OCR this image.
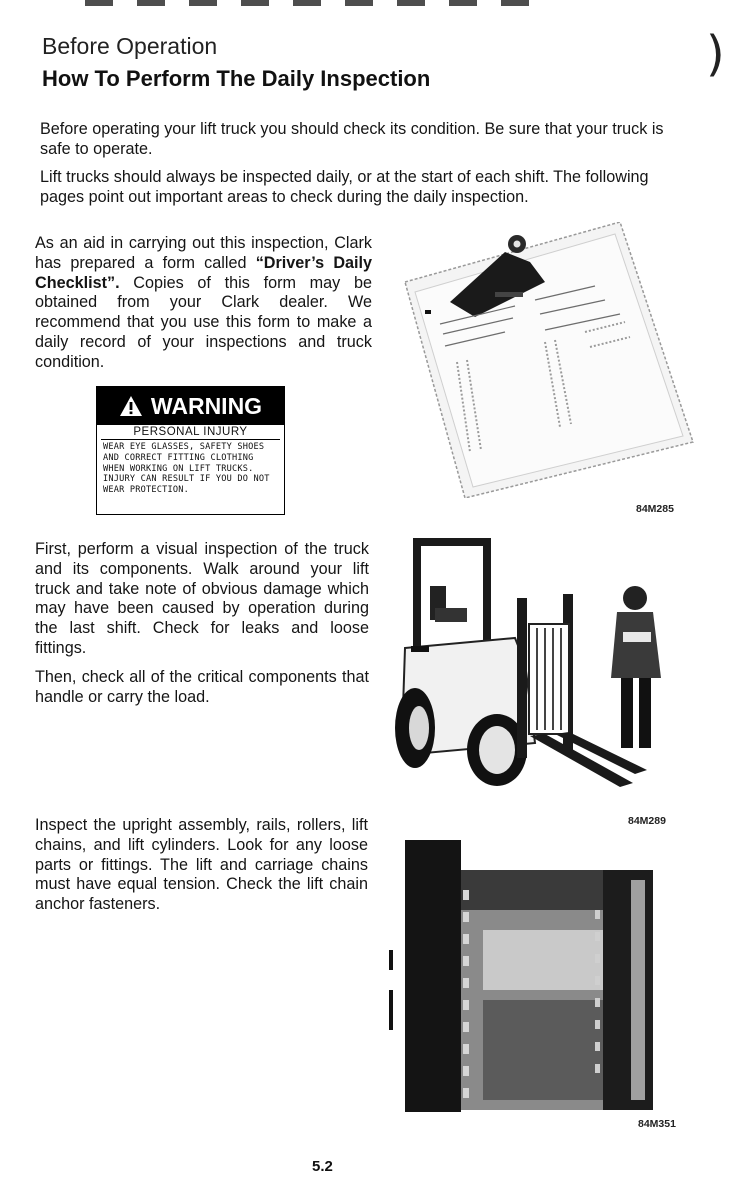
)
Before Operation
How To Perform The Daily Inspection

Before operating your lift truck you should check its condition. Be sure that your truck is safe to operate.

Lift trucks should always be inspected daily, or at the start of each shift. The following pages point out important areas to check during the daily inspection.

As an aid in carrying out this inspection, Clark has prepared a form called “Driver’s Daily Checklist”. Copies of this form may be obtained from your Clark dealer. We recommend that you use this form to make a daily record of your inspections and truck condition.

WARNING
PERSONAL INJURY
WEAR EYE GLASSES, SAFETY SHOES AND CORRECT FITTING CLOTHING WHEN WORKING ON LIFT TRUCKS. INJURY CAN RESULT IF YOU DO NOT WEAR PROTECTION.
84M285

First, perform a visual inspection of the truck and its components. Walk around your lift truck and take note of obvious damage which may have been caused by operation during the last shift. Check for leaks and loose fittings.

Then, check all of the critical components that handle or carry the load.

84M289

Inspect the upright assembly, rails, rollers, lift chains, and lift cylinders. Look for any loose parts or fittings. The lift and carriage chains must have equal tension. Check the lift chain anchor fasteners.

84M351
5.2
